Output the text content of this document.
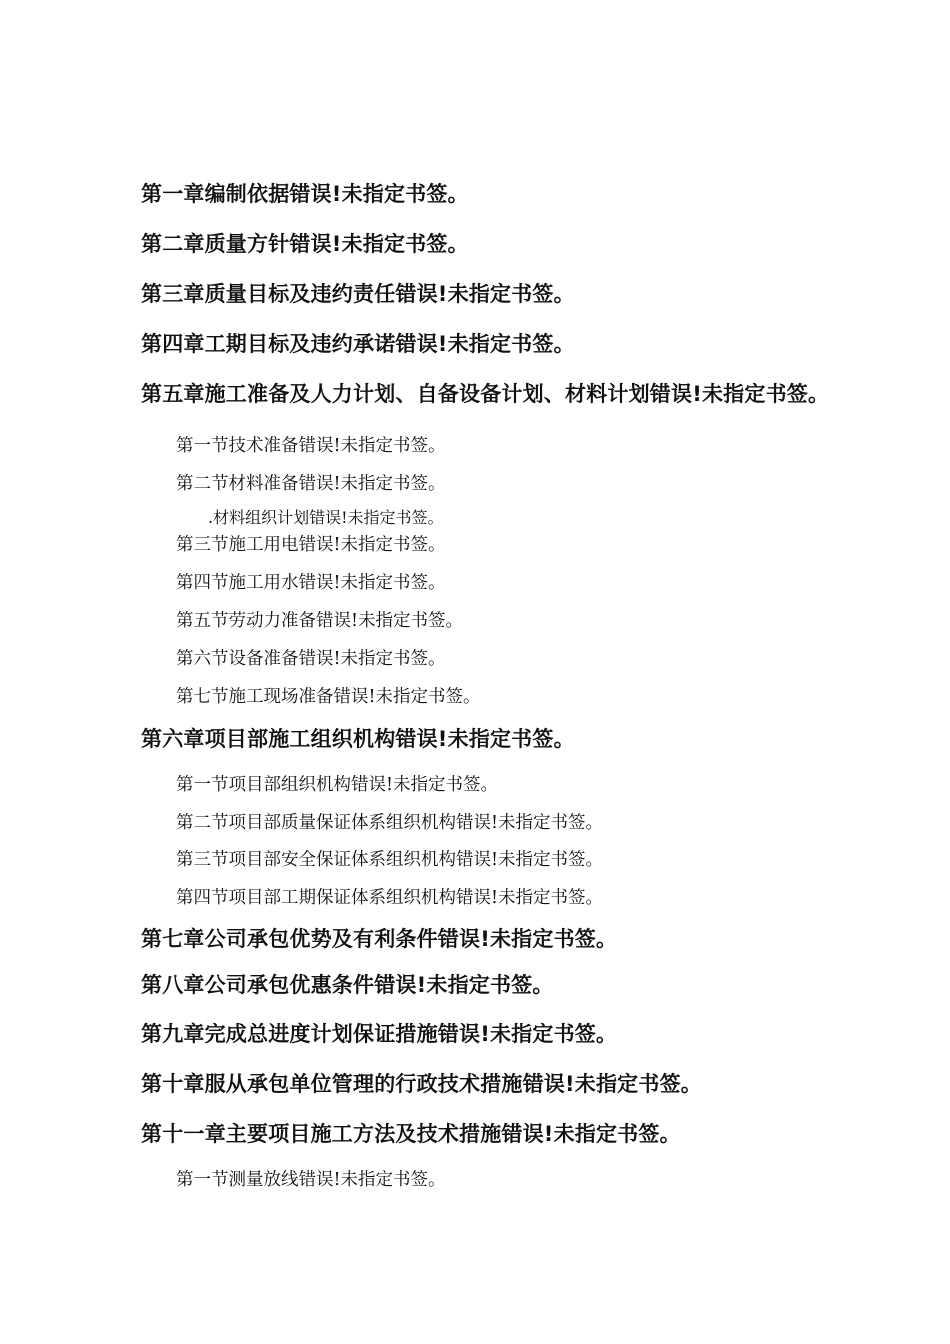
第一章编制依据错误!未指定书签。
第二章质量方针错误!未指定书签。
第三章质量目标及违约责任错误!未指定书签。
第四章工期目标及违约承诺错误!未指定书签。
第五章施工准备及人力计划、自备设备计划、材料计划错误!未指定书签。
第一节技术准备错误!未指定书签。
第二节材料准备错误!未指定书签。
.材料组织计划错误!未指定书签。
第三节施工用电错误!未指定书签。
第四节施工用水错误!未指定书签。
第五节劳动力准备错误!未指定书签。
第六节设备准备错误!未指定书签。
第七节施工现场准备错误!未指定书签。
第六章项目部施工组织机构错误!未指定书签。
第一节项目部组织机构错误!未指定书签。
第二节项目部质量保证体系组织机构错误!未指定书签。
第三节项目部安全保证体系组织机构错误!未指定书签。
第四节项目部工期保证体系组织机构错误!未指定书签。
第七章公司承包优势及有利条件错误!未指定书签。
第八章公司承包优惠条件错误!未指定书签。
第九章完成总进度计划保证措施错误!未指定书签。
第十章服从承包单位管理的行政技术措施错误!未指定书签。
第十一章主要项目施工方法及技术措施错误!未指定书签。
第一节测量放线错误!未指定书签。
